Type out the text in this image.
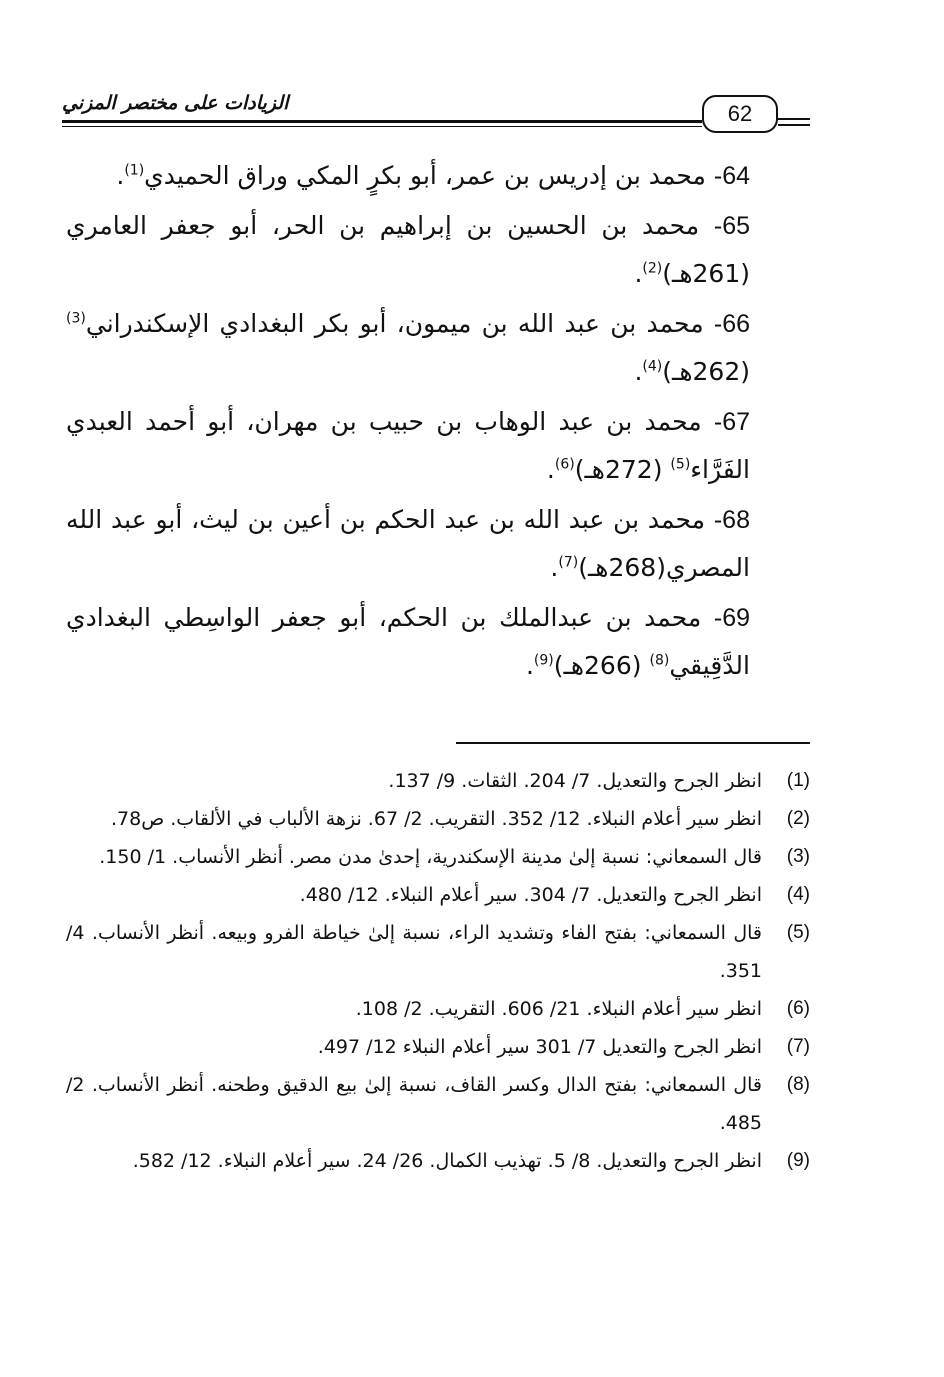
الزيادات على مختصر المزني	62
64- محمد بن إدريس بن عمر، أبو بكرٍ المكي وراق الحميدي$^{(1)}$.
65- محمد بن الحسين بن إبراهيم بن الحر، أبو جعفر العامري (261هـ)$^{(2)}$.
66- محمد بن عبد الله بن ميمون، أبو بكر البغدادي الإسكندراني$^{(3)}$ (262هـ)$^{(4)}$.
67- محمد بن عبد الوهاب بن حبيب بن مهران، أبو أحمد العبدي الفَرَّاء$^{(5)}$ (272هـ)$^{(6)}$.
68- محمد بن عبد الله بن عبد الحكم بن أعين بن ليث، أبو عبد الله المصري(268هـ)$^{(7)}$.
69- محمد بن عبدالملك بن الحكم، أبو جعفر الواسِطي البغدادي الدَّقِيقي$^{(8)}$ (266هـ)$^{(9)}$.
(1)
انظر الجرح والتعديل. 7/ 204. الثقات. 9/ 137.
(2)
انظر سير أعلام النبلاء. 12/ 352. التقريب. 2/ 67. نزهة الألباب في الألقاب. ص78.
(3)
قال السمعاني: نسبة إلىٰ مدينة الإسكندرية، إحدىٰ مدن مصر. أنظر الأنساب. 1/ 150.
(4)
انظر الجرح والتعديل. 7/ 304. سير أعلام النبلاء. 12/ 480.
(5)
قال السمعاني: بفتح الفاء وتشديد الراء، نسبة إلىٰ خياطة الفرو وبيعه. أنظر الأنساب. 4/ 351.
(6)
انظر سير أعلام النبلاء. 21/ 606. التقريب. 2/ 108.
(7)
انظر الجرح والتعديل 7/ 301 سير أعلام النبلاء 12/ 497.
(8)
قال السمعاني: بفتح الدال وكسر القاف، نسبة إلىٰ بيع الدقيق وطحنه. أنظر الأنساب. 2/ 485.
(9)
انظر الجرح والتعديل. 8/ 5. تهذيب الكمال. 26/ 24. سير أعلام النبلاء. 12/ 582.
